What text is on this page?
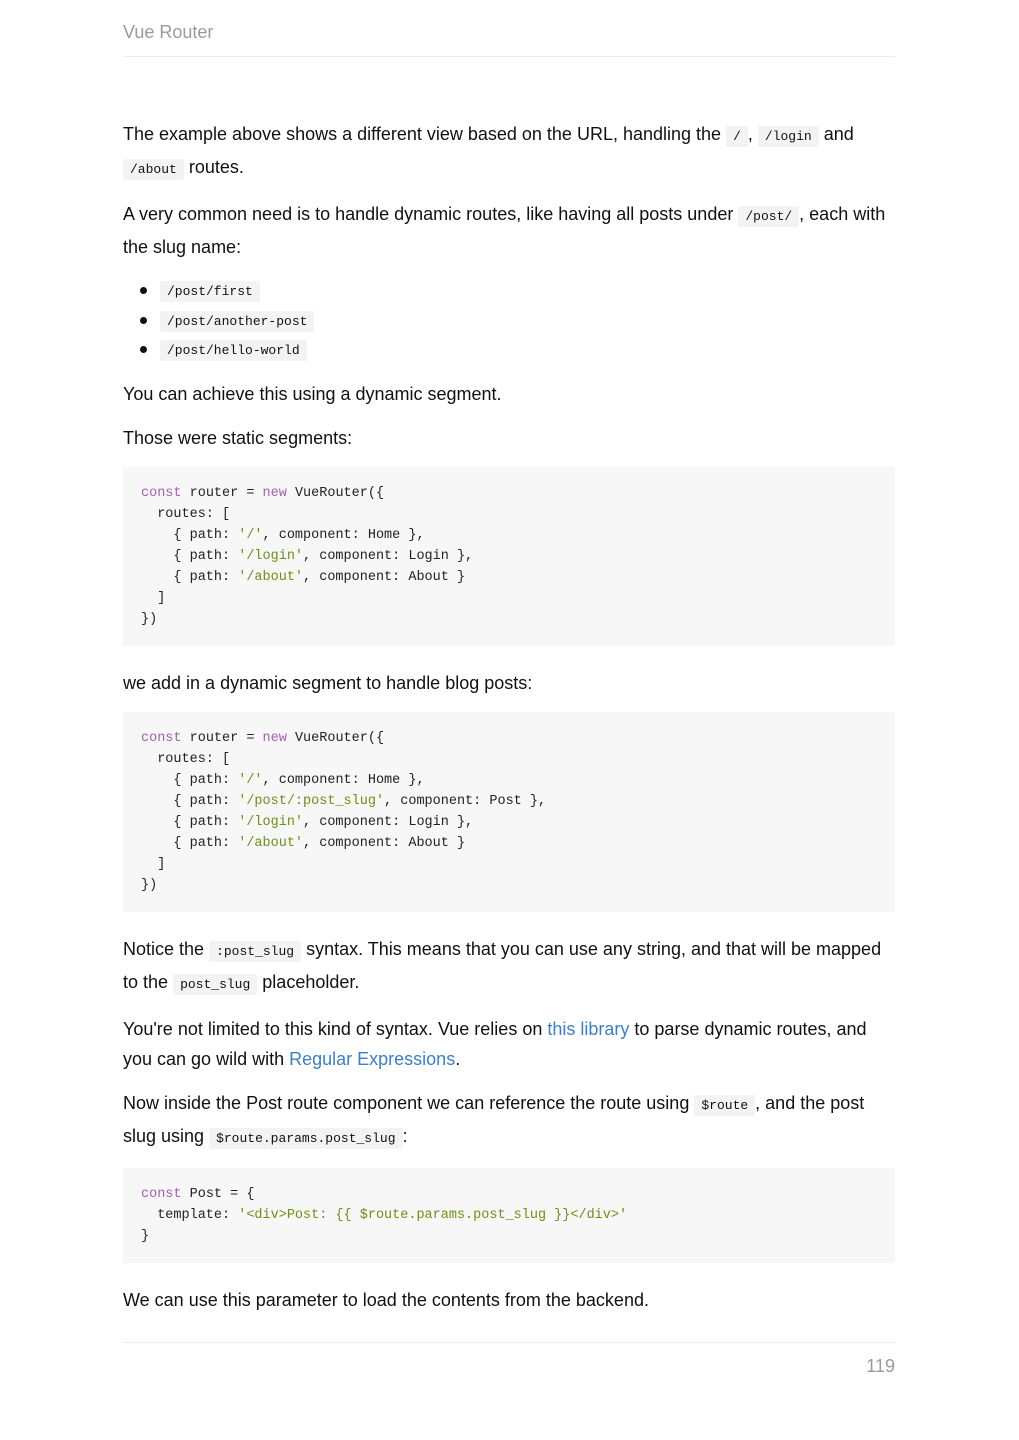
Vue Router

The example above shows a different view based on the URL, handling the / , /login and /about routes.

A very common need is to handle dynamic routes, like having all posts under /post/ , each with the slug name:

/post/first
/post/another-post
/post/hello-world

You can achieve this using a dynamic segment.

Those were static segments:

const router = new VueRouter({
routes: [
{ path: '/', component: Home },
{ path: '/login', component: Login },
{ path: '/about', component: About }
]
})

we add in a dynamic segment to handle blog posts:

const router = new VueRouter({
routes: [
{ path: '/', component: Home },
{ path: '/post/:post_slug', component: Post },
{ path: '/login', component: Login },
{ path: '/about', component: About }
]
})

Notice the :post_slug syntax. This means that you can use any string, and that will be mapped to the post_slug placeholder.

You're not limited to this kind of syntax. Vue relies on this library to parse dynamic routes, and you can go wild with Regular Expressions.

Now inside the Post route component we can reference the route using $route , and the post slug using $route.params.post_slug :

const Post = {
template: '<div>Post: {{ $route.params.post_slug }}</div>'
}

We can use this parameter to load the contents from the backend.

119
